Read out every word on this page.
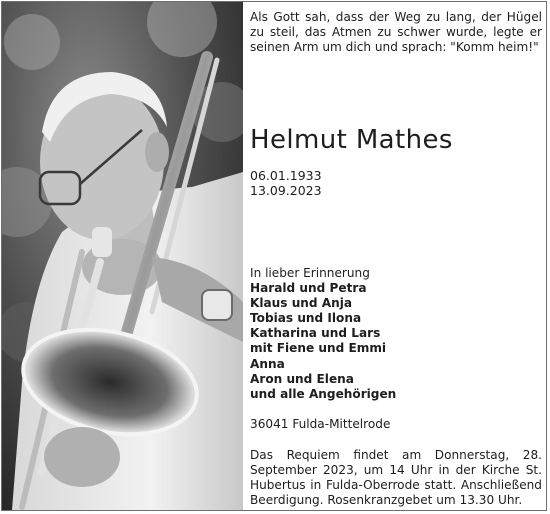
Als Gott sah, dass der Weg zu lang, der Hügel zu steil, das Atmen zu schwer wurde, legte er seinen Arm um dich und sprach: "Komm heim!"
Helmut Mathes
06.01.1933
13.09.2023
In lieber Erinnerung
Harald und Petra
Klaus und Anja
Tobias und Ilona
Katharina und Lars
mit Fiene und Emmi
Anna
Aron und Elena
und alle Angehörigen
36041 Fulda-Mittelrode
Das Requiem findet am Donnerstag, 28. September 2023, um 14 Uhr in der Kirche St. Hubertus in Fulda-Oberrode statt. Anschließend Beerdigung. Rosenkranzgebet um 13.30 Uhr.
